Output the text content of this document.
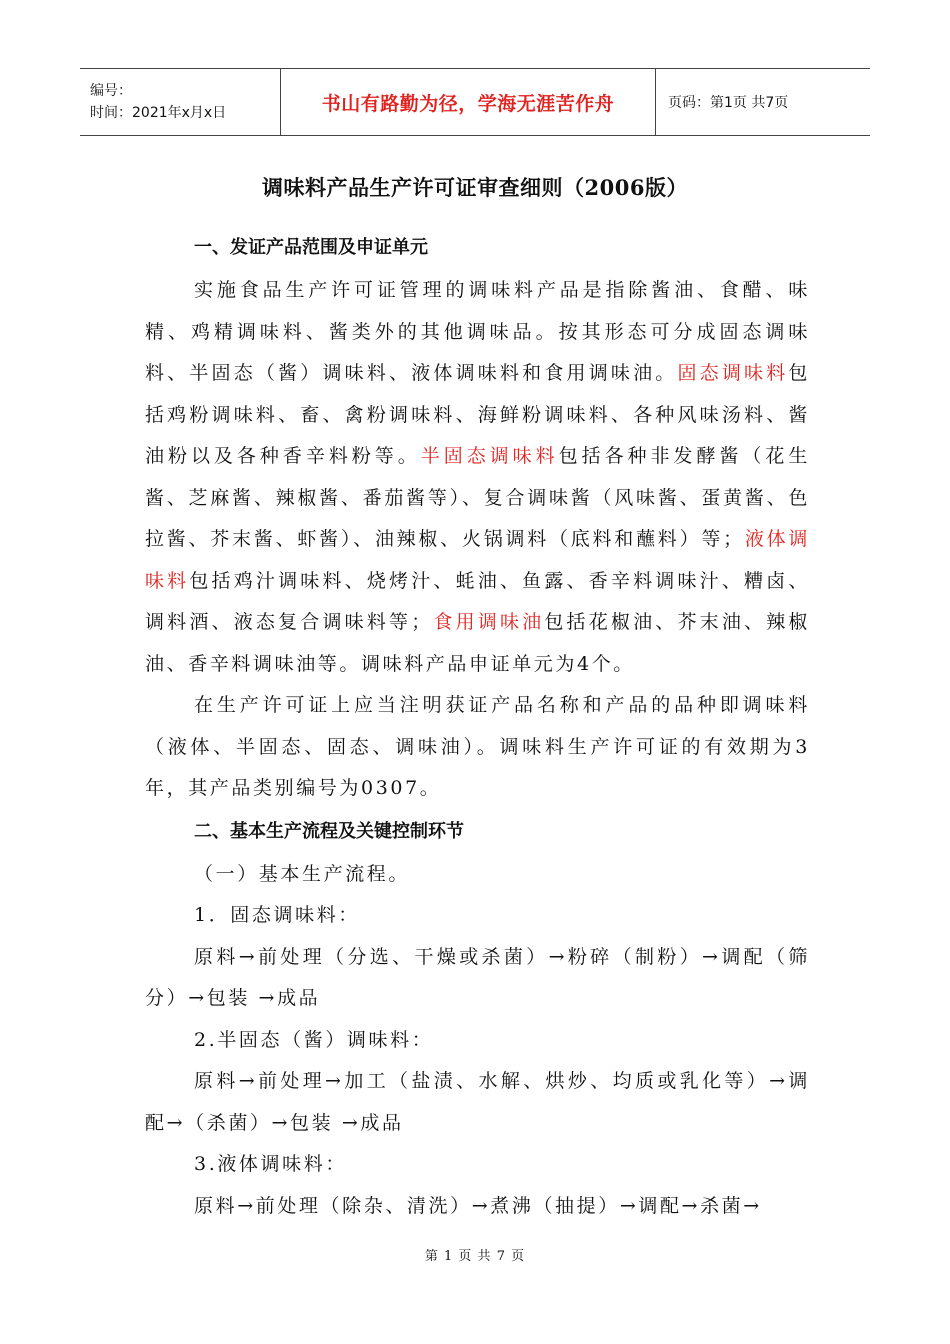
编号：
时间：2021年x月x日	书山有路勤为径，学海无涯苦作舟	页码：第1页 共7页
调味料产品生产许可证审查细则（2006版）
一、发证产品范围及申证单元
实施食品生产许可证管理的调味料产品是指除酱油、食醋、味精、鸡精调味料、酱类外的其他调味品。按其形态可分成固态调味料、半固态（酱）调味料、液体调味料和食用调味油。固态调味料包括鸡粉调味料、畜、禽粉调味料、海鲜粉调味料、各种风味汤料、酱油粉以及各种香辛料粉等。半固态调味料包括各种非发酵酱（花生酱、芝麻酱、辣椒酱、番茄酱等）、复合调味酱（风味酱、蛋黄酱、色拉酱、芥末酱、虾酱）、油辣椒、火锅调料（底料和蘸料）等；液体调味料包括鸡汁调味料、烧烤汁、蚝油、鱼露、香辛料调味汁、糟卤、调料酒、液态复合调味料等；食用调味油包括花椒油、芥末油、辣椒油、香辛料调味油等。调味料产品申证单元为4个。
在生产许可证上应当注明获证产品名称和产品的品种即调味料（液体、半固态、固态、调味油）。调味料生产许可证的有效期为3年，其产品类别编号为0307。
二、基本生产流程及关键控制环节
（一）基本生产流程。
1．固态调味料：
原料→前处理（分选、干燥或杀菌）→粉碎（制粉）→调配（筛分）→包装 →成品
2.半固态（酱）调味料：
原料→前处理→加工（盐渍、水解、烘炒、均质或乳化等）→调配→（杀菌）→包装 →成品
3.液体调味料：
原料→前处理（除杂、清洗）→煮沸（抽提）→调配→杀菌→
第 1 页 共 7 页
